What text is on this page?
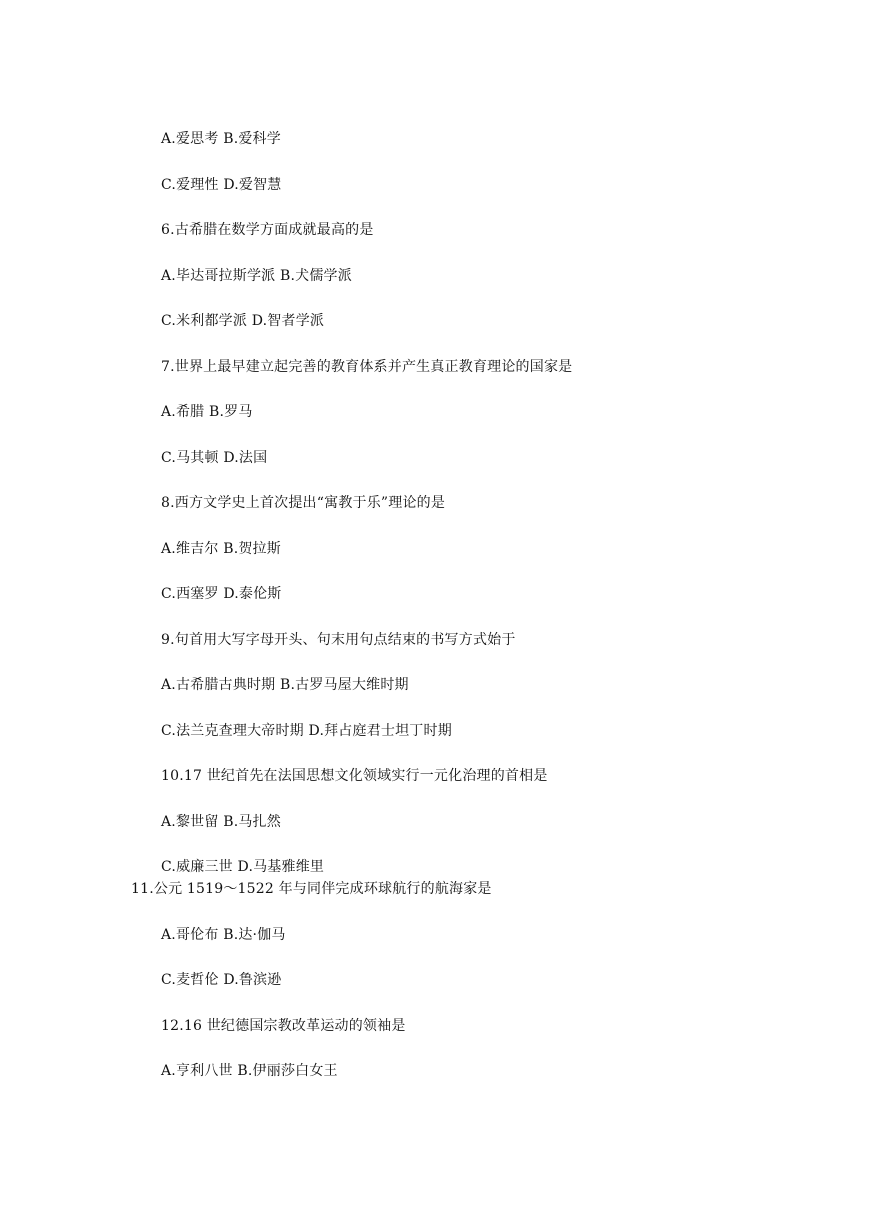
A.爱思考 B.爱科学
C.爱理性 D.爱智慧
6.古希腊在数学方面成就最高的是
A.毕达哥拉斯学派 B.犬儒学派
C.米利都学派 D.智者学派
7.世界上最早建立起完善的教育体系并产生真正教育理论的国家是
A.希腊 B.罗马
C.马其顿 D.法国
8.西方文学史上首次提出“寓教于乐”理论的是
A.维吉尔 B.贺拉斯
C.西塞罗 D.泰伦斯
9.句首用大写字母开头、句末用句点结束的书写方式始于
A.古希腊古典时期 B.古罗马屋大维时期
C.法兰克查理大帝时期 D.拜占庭君士坦丁时期
10.17 世纪首先在法国思想文化领域实行一元化治理的首相是
A.黎世留 B.马扎然
C.威廉三世 D.马基雅维里
11.公元 1519～1522 年与同伴完成环球航行的航海家是
A.哥伦布 B.达·伽马
C.麦哲伦 D.鲁滨逊
12.16 世纪德国宗教改革运动的领袖是
A.亨利八世 B.伊丽莎白女王
